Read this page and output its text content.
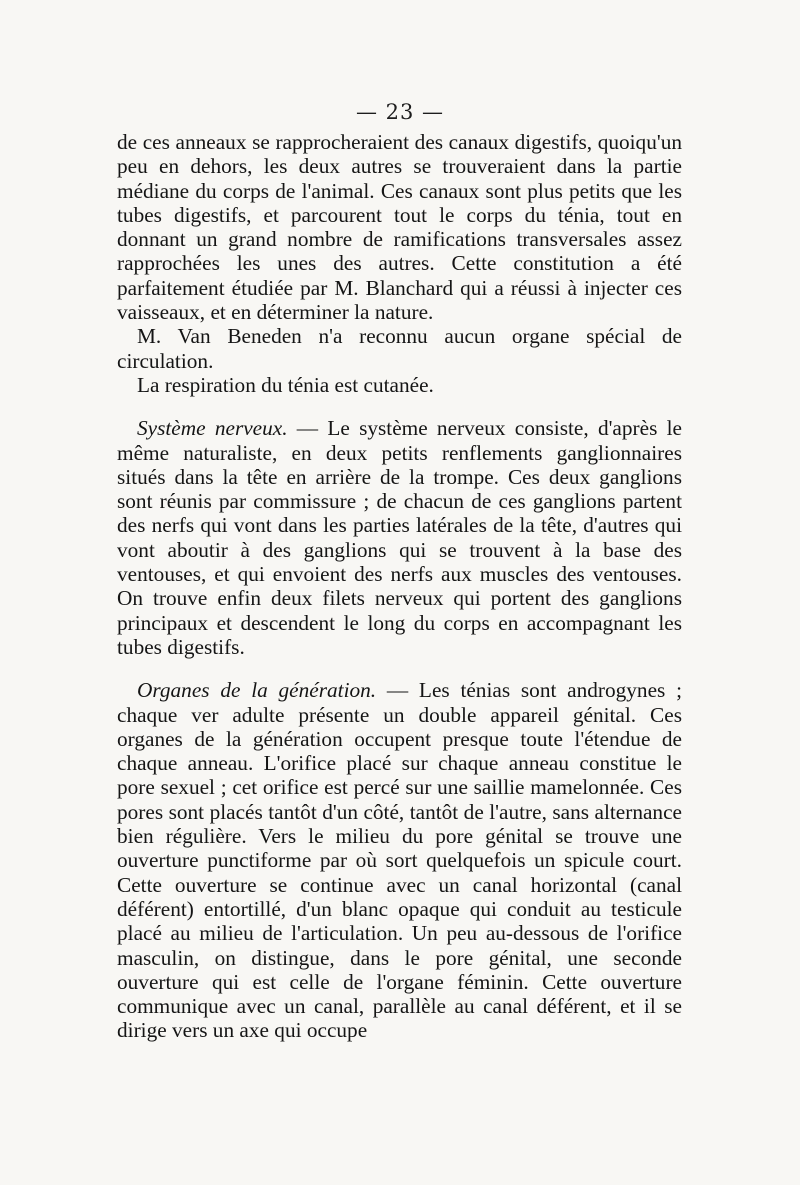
— 23 —

de ces anneaux se rapprocheraient des canaux digestifs, quoiqu'un peu en dehors, les deux autres se trouveraient dans la partie médiane du corps de l'animal. Ces canaux sont plus petits que les tubes digestifs, et parcourent tout le corps du ténia, tout en donnant un grand nombre de ramifications transversales assez rapprochées les unes des autres. Cette constitution a été parfaitement étudiée par M. Blanchard qui a réussi à injecter ces vaisseaux, et en déterminer la nature.

M. Van Beneden n'a reconnu aucun organe spécial de circulation.

La respiration du ténia est cutanée.

Système nerveux. — Le système nerveux consiste, d'après le même naturaliste, en deux petits renflements ganglionnaires situés dans la tête en arrière de la trompe. Ces deux ganglions sont réunis par commissure ; de chacun de ces ganglions partent des nerfs qui vont dans les parties latérales de la tête, d'autres qui vont aboutir à des ganglions qui se trouvent à la base des ventouses, et qui envoient des nerfs aux muscles des ventouses. On trouve enfin deux filets nerveux qui portent des ganglions principaux et descendent le long du corps en accompagnant les tubes digestifs.

Organes de la génération. — Les ténias sont androgynes ; chaque ver adulte présente un double appareil génital. Ces organes de la génération occupent presque toute l'étendue de chaque anneau. L'orifice placé sur chaque anneau constitue le pore sexuel ; cet orifice est percé sur une saillie mamelonnée. Ces pores sont placés tantôt d'un côté, tantôt de l'autre, sans alternance bien régulière. Vers le milieu du pore génital se trouve une ouverture punctiforme par où sort quelquefois un spicule court. Cette ouverture se continue avec un canal horizontal (canal déférent) entortillé, d'un blanc opaque qui conduit au testicule placé au milieu de l'articulation. Un peu au-dessous de l'orifice masculin, on distingue, dans le pore génital, une seconde ouverture qui est celle de l'organe féminin. Cette ouverture communique avec un canal, parallèle au canal déférent, et il se dirige vers un axe qui occupe
